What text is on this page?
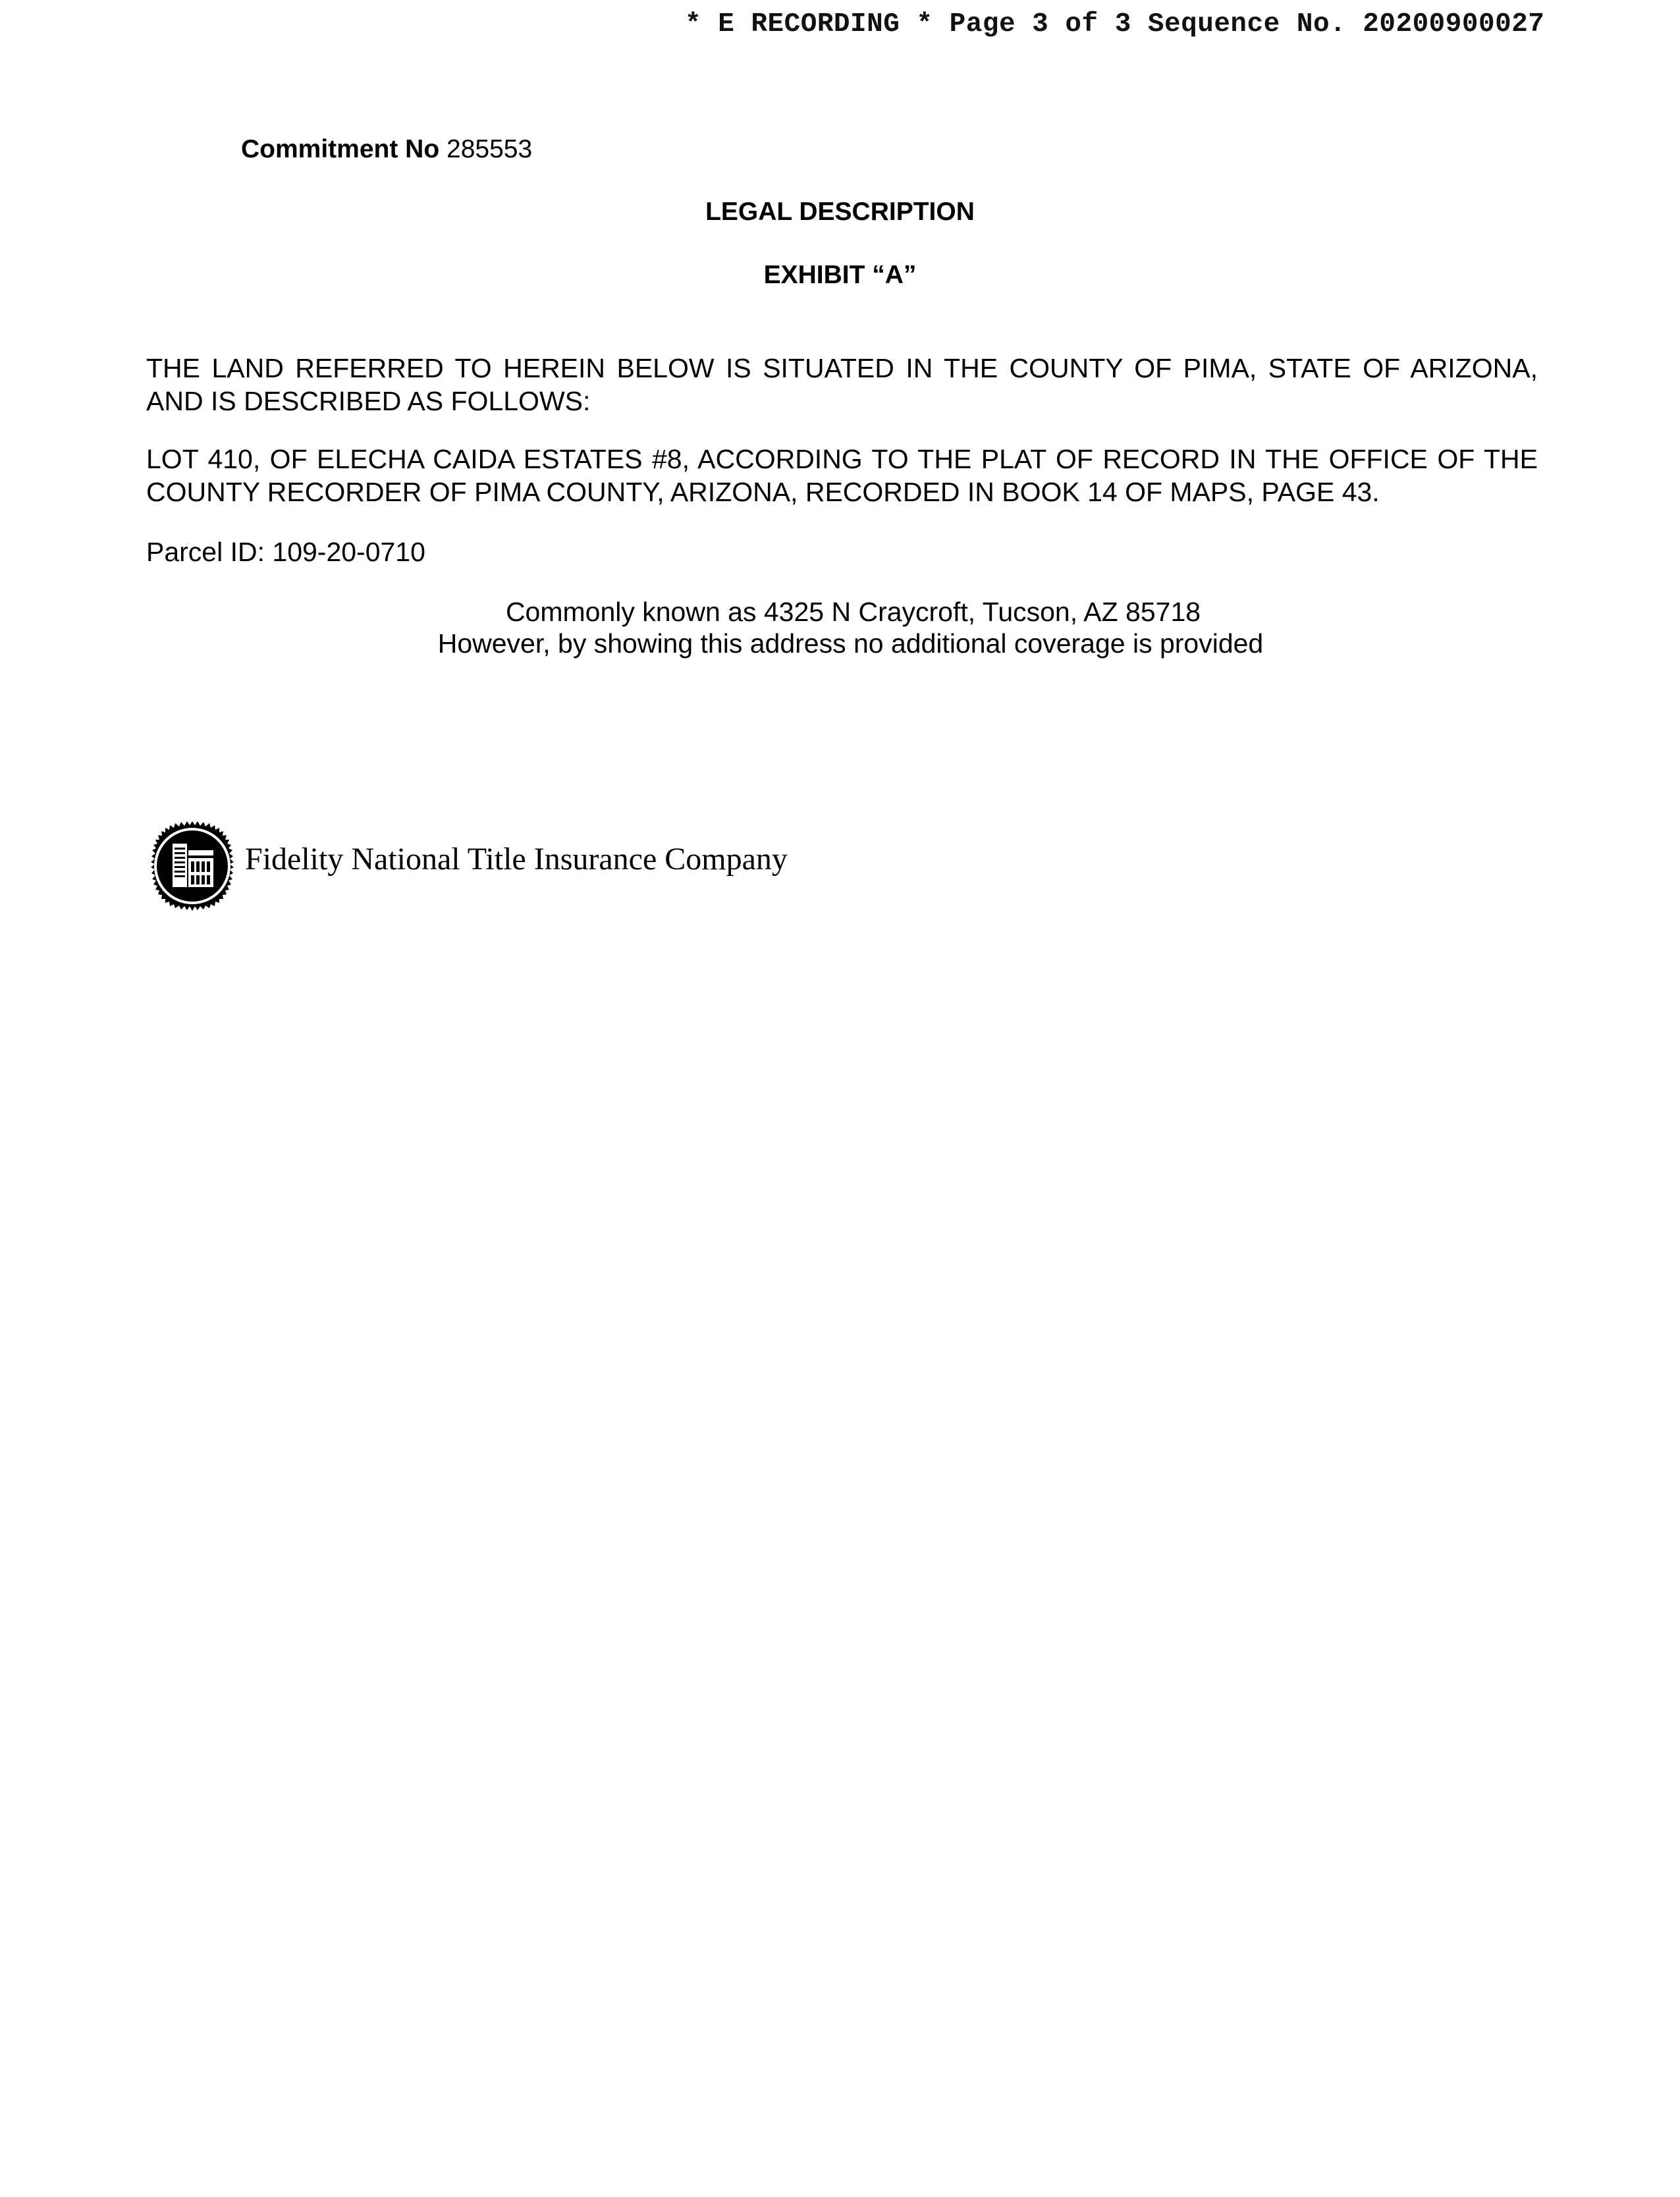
* E RECORDING * Page 3 of 3 Sequence No. 20200900027
Commitment No 285553
LEGAL DESCRIPTION
EXHIBIT “A”
THE LAND REFERRED TO HEREIN BELOW IS SITUATED IN THE COUNTY OF PIMA, STATE OF ARIZONA, AND IS DESCRIBED AS FOLLOWS:
LOT 410, OF ELECHA CAIDA ESTATES #8, ACCORDING TO THE PLAT OF RECORD IN THE OFFICE OF THE COUNTY RECORDER OF PIMA COUNTY, ARIZONA, RECORDED IN BOOK 14 OF MAPS, PAGE 43.
Parcel ID: 109-20-0710
Commonly known as 4325 N Craycroft, Tucson, AZ 85718
However, by showing this address no additional coverage is provided
Fidelity National Title Insurance Company
